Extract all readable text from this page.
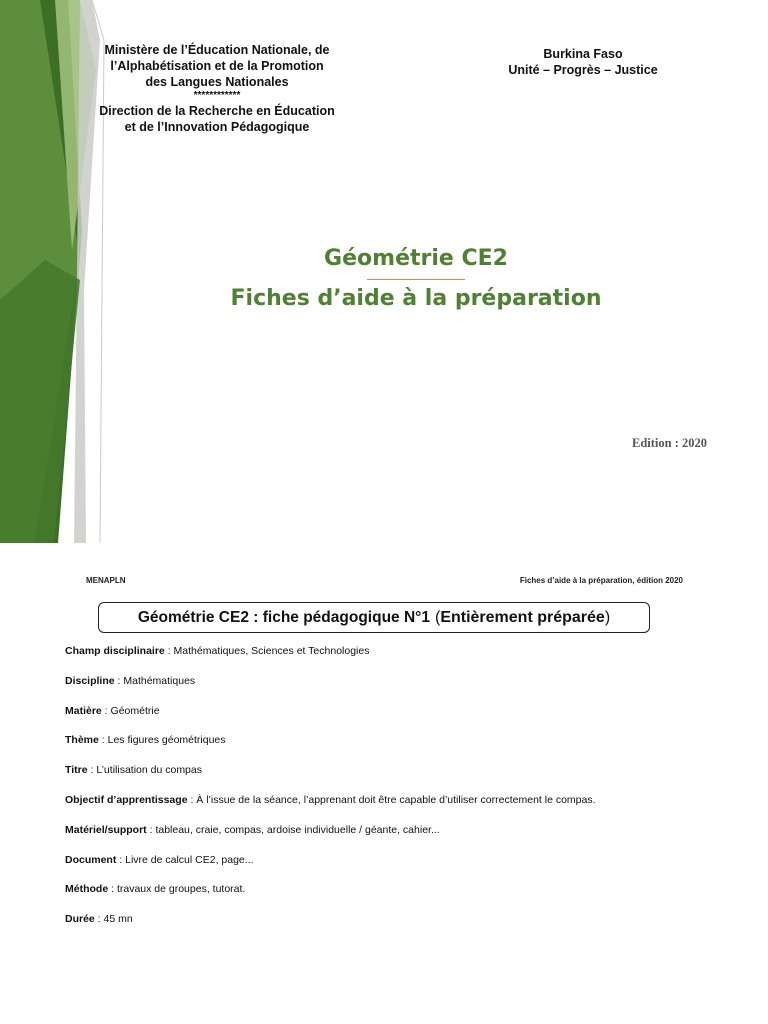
Ministère de l’Éducation Nationale, de
l’Alphabétisation et de la Promotion
des Langues Nationales
************
Direction de la Recherche en Éducation
et de l’Innovation Pédagogique
Burkina Faso
Unité – Progrès – Justice
Géométrie CE2
Fiches d’aide à la préparation
Edition : 2020
MENAPLN	Fiches d’aide à la préparation, édition 2020
Géométrie CE2 : fiche pédagogique N°1 (Entièrement préparée)
Champ disciplinaire : Mathématiques, Sciences et Technologies
Discipline : Mathématiques
Matière : Géométrie
Thème : Les figures géométriques
Titre : L’utilisation du compas
Objectif d’apprentissage : À l’issue de la séance, l’apprenant doit être capable d’utiliser correctement le compas.
Matériel/support : tableau, craie, compas, ardoise individuelle / géante, cahier...
Document : Livre de calcul CE2, page...
Méthode : travaux de groupes, tutorat.
Durée : 45 mn
